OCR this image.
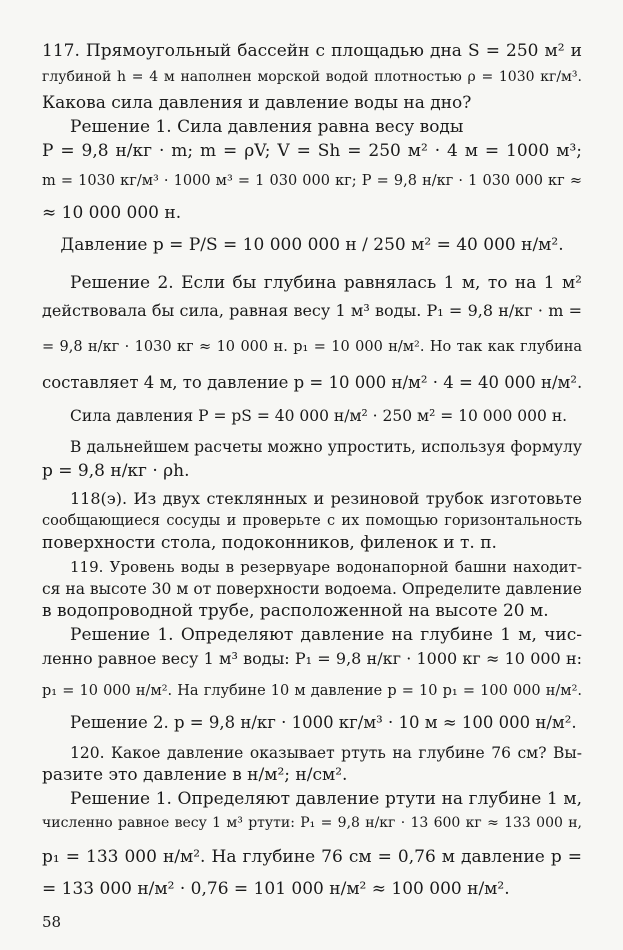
117. Прямоугольный бассейн с площадью дна S = 250 м² и
глубиной h = 4 м наполнен морской водой плотностью ρ = 1030 кг/м³.
Какова сила давления и давление воды на дно?
Решение 1. Сила давления равна весу воды
P = 9,8 н/кг · m; m = ρV; V = Sh = 250 м² · 4 м = 1000 м³;
m = 1030 кг/м³ · 1000 м³ = 1 030 000 кг; P = 9,8 н/кг · 1 030 000 кг ≈
≈ 10 000 000 н.
Давление p = P/S = 10 000 000 н / 250 м² = 40 000 н/м².
Решение 2. Если бы глубина равнялась 1 м, то на 1 м²
действовала бы сила, равная весу 1 м³ воды. P₁ = 9,8 н/кг · m =
= 9,8 н/кг · 1030 кг ≈ 10 000 н. p₁ = 10 000 н/м². Но так как глубина
составляет 4 м, то давление p = 10 000 н/м² · 4 = 40 000 н/м².
Сила давления P = pS = 40 000 н/м² · 250 м² = 10 000 000 н.
В дальнейшем расчеты можно упростить, используя формулу
p = 9,8 н/кг · ρh.
118(э). Из двух стеклянных и резиновой трубок изготовьте
сообщающиеся сосуды и проверьте с их помощью горизонтальность
поверхности стола, подоконников, филенок и т. п.
119. Уровень воды в резервуаре водонапорной башни находит-
ся на высоте 30 м от поверхности водоема. Определите давление
в водопроводной трубе, расположенной на высоте 20 м.
Решение 1. Определяют давление на глубине 1 м, чис-
ленно равное весу 1 м³ воды: P₁ = 9,8 н/кг · 1000 кг ≈ 10 000 н:
p₁ = 10 000 н/м². На глубине 10 м давление p = 10 p₁ = 100 000 н/м².
Решение 2. p = 9,8 н/кг · 1000 кг/м³ · 10 м ≈ 100 000 н/м².
120. Какое давление оказывает ртуть на глубине 76 см? Вы-
разите это давление в н/м²; н/см².
Решение 1. Определяют давление ртути на глубине 1 м,
численно равное весу 1 м³ ртути: P₁ = 9,8 н/кг · 13 600 кг ≈ 133 000 н,
p₁ = 133 000 н/м². На глубине 76 см = 0,76 м давление p =
= 133 000 н/м² · 0,76 = 101 000 н/м² ≈ 100 000 н/м².
58
